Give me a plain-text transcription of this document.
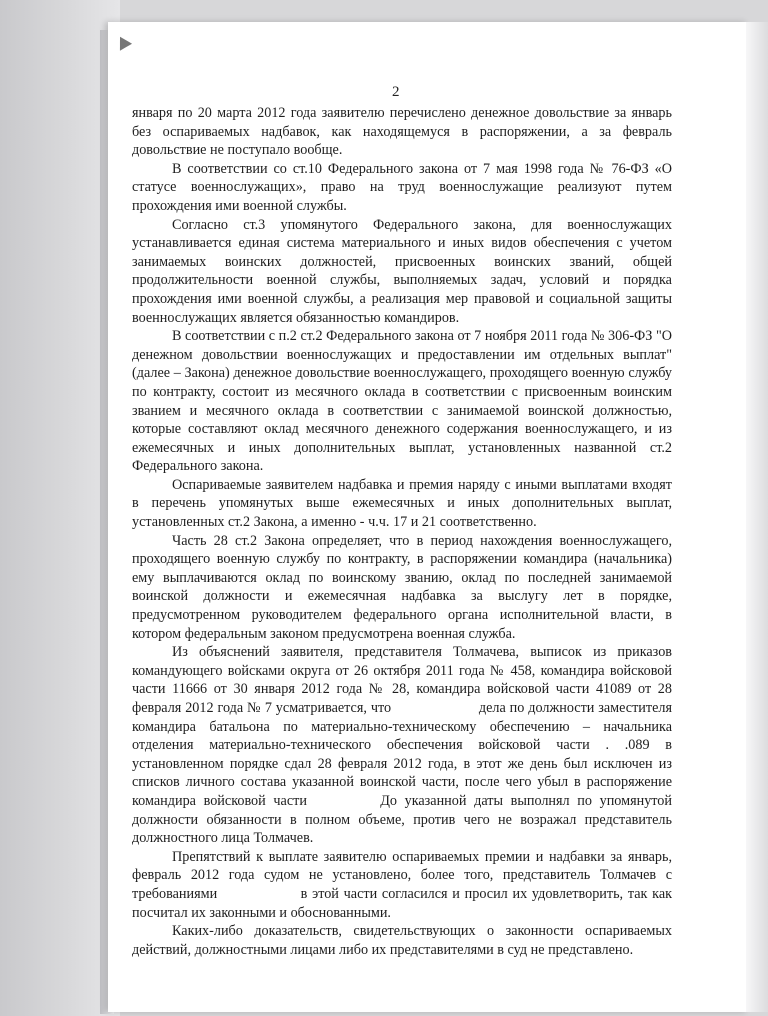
2

января по 20 марта 2012 года заявителю перечислено денежное довольствие за январь без оспариваемых надбавок, как находящемуся в распоряжении, а за февраль довольствие не поступало вообще.

В соответствии со ст.10 Федерального закона от 7 мая 1998 года № 76-ФЗ «О статусе военнослужащих», право на труд военнослужащие реализуют путем прохождения ими военной службы.

Согласно ст.3 упомянутого Федерального закона, для военнослужащих устанавливается единая система материального и иных видов обеспечения с учетом занимаемых воинских должностей, присвоенных воинских званий, общей продолжительности военной службы, выполняемых задач, условий и порядка прохождения ими военной службы, а реализация мер правовой и социальной защиты военнослужащих является обязанностью командиров.

В соответствии с п.2 ст.2 Федерального закона от 7 ноября 2011 года № 306-ФЗ "О денежном довольствии военнослужащих и предоставлении им отдельных выплат" (далее – Закона) денежное довольствие военнослужащего, проходящего военную службу по контракту, состоит из месячного оклада в соответствии с присвоенным воинским званием и месячного оклада в соответствии с занимаемой воинской должностью, которые составляют оклад месячного денежного содержания военнослужащего, и из ежемесячных и иных дополнительных выплат, установленных названной ст.2 Федерального закона.

Оспариваемые заявителем надбавка и премия наряду с иными выплатами входят в перечень упомянутых выше ежемесячных и иных дополнительных выплат, установленных ст.2 Закона, а именно - ч.ч. 17 и 21 соответственно.

Часть 28 ст.2 Закона определяет, что в период нахождения военнослужащего, проходящего военную службу по контракту, в распоряжении командира (начальника) ему выплачиваются оклад по воинскому званию, оклад по последней занимаемой воинской должности и ежемесячная надбавка за выслугу лет в порядке, предусмотренном руководителем федерального органа исполнительной власти, в котором федеральным законом предусмотрена военная служба.

Из объяснений заявителя, представителя Толмачева, выписок из приказов командующего войсками округа от 26 октября 2011 года № 458, командира войсковой части 11666 от 30 января 2012 года № 28, командира войсковой части 41089 от 28 февраля 2012 года № 7 усматривается, что	дела по должности заместителя командира батальона по материально-техническому обеспечению – начальника отделения материально-технического обеспечения войсковой части . .089 в установленном порядке сдал 28 февраля 2012 года, в этот же день был исключен из списков личного состава указанной воинской части, после чего убыл в распоряжение командира войсковой части	До указанной даты выполнял по упомянутой должности обязанности в полном объеме, против чего не возражал представитель должностного лица Толмачев.

Препятствий к выплате заявителю оспариваемых премии и надбавки за январь, февраль 2012 года судом не установлено, более того, представитель Толмачев с требованиями	в этой части согласился и просил их удовлетворить, так как посчитал их законными и обоснованными.

Каких-либо доказательств, свидетельствующих о законности оспариваемых действий, должностными лицами либо их представителями в суд не представлено.
